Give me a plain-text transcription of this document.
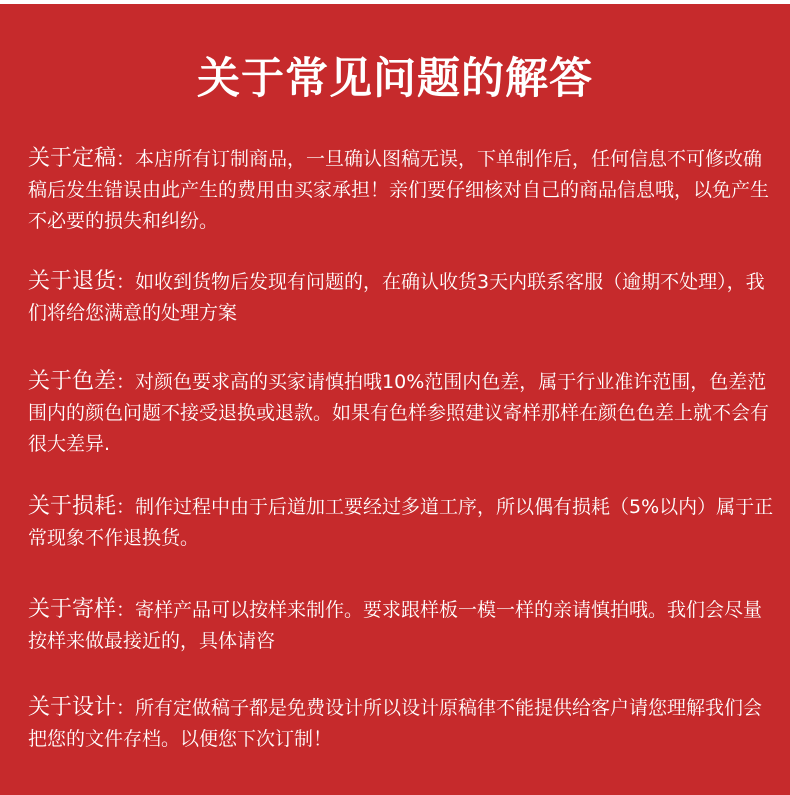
关于常见问题的解答
关于定稿：本店所有订制商品，一旦确认图稿无误，下单制作后，任何信息不可修改确稿后发生错误由此产生的费用由买家承担！亲们要仔细核对自己的商品信息哦，以免产生不必要的损失和纠纷。
关于退货：如收到货物后发现有问题的，在确认收货3天内联系客服（逾期不处理），我们将给您满意的处理方案
关于色差：对颜色要求高的买家请慎拍哦10%范围内色差，属于行业准许范围，色差范围内的颜色问题不接受退换或退款。如果有色样参照建议寄样那样在颜色色差上就不会有很大差异.
关于损耗：制作过程中由于后道加工要经过多道工序，所以偶有损耗（5%以内）属于正常现象不作退换货。
关于寄样：寄样产品可以按样来制作。要求跟样板一模一样的亲请慎拍哦。我们会尽量按样来做最接近的，具体请咨
关于设计：所有定做稿子都是免费设计所以设计原稿律不能提供给客户请您理解我们会把您的文件存档。以便您下次订制！
